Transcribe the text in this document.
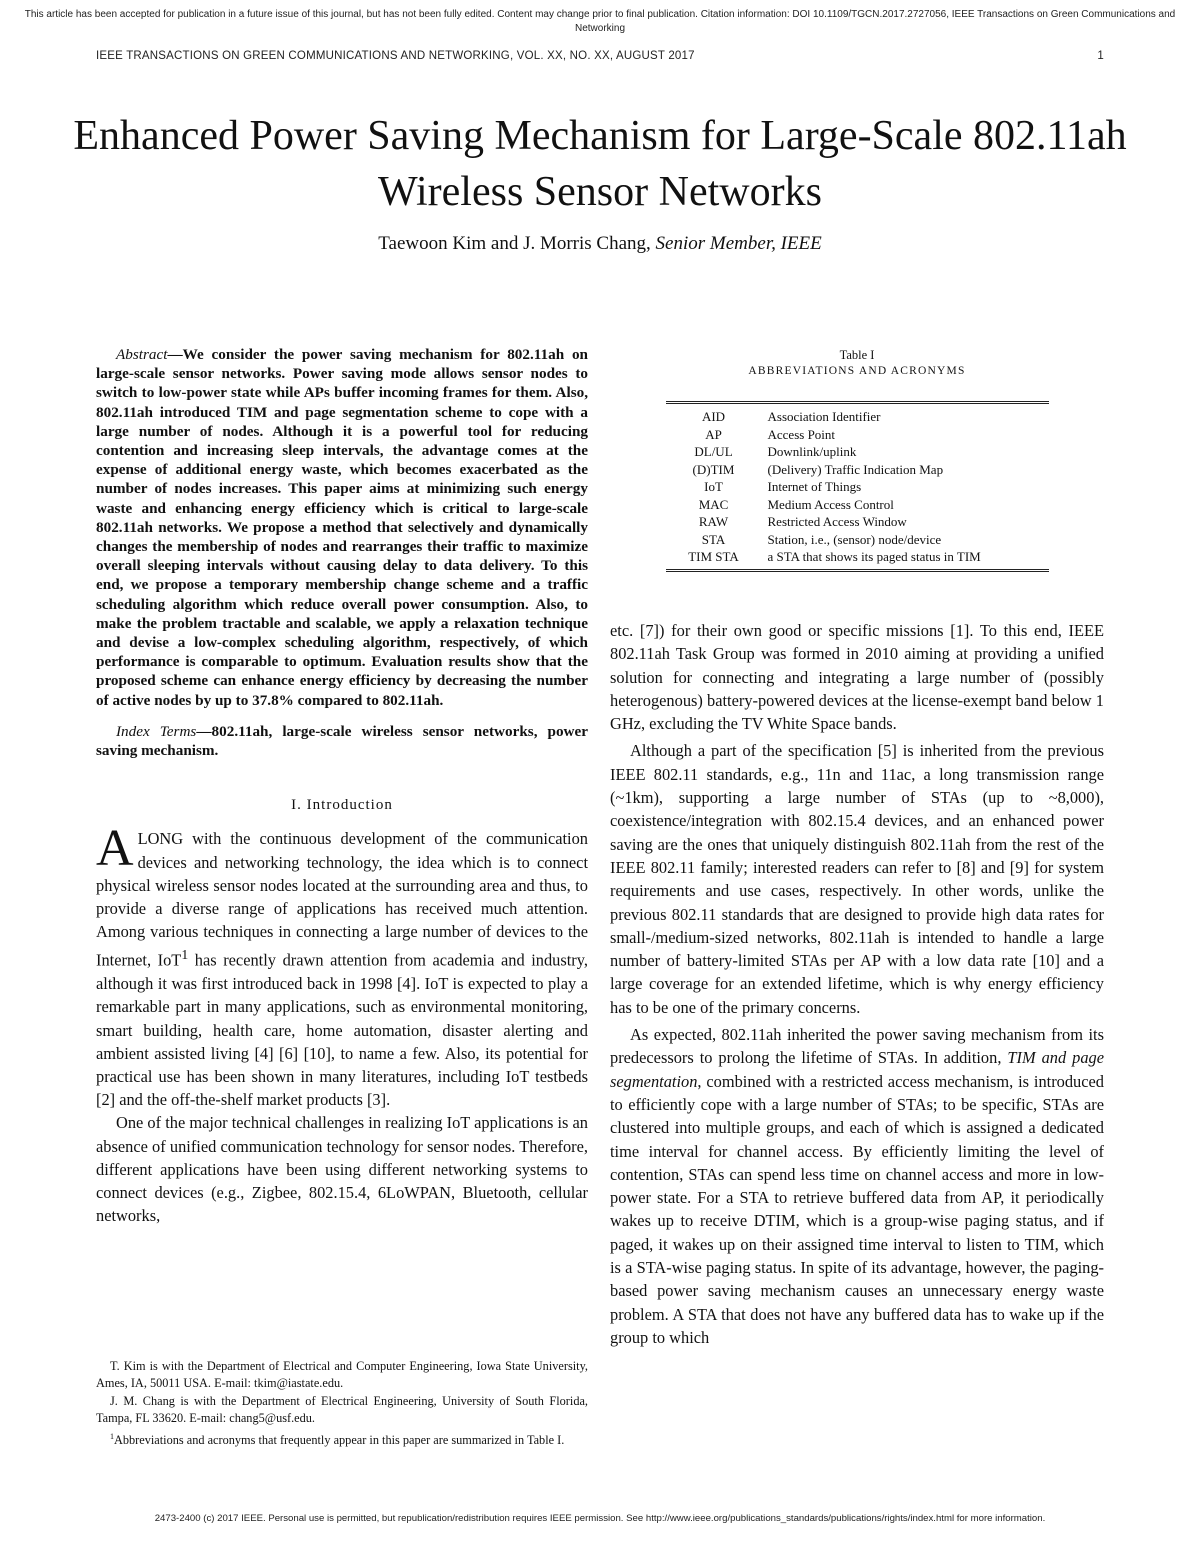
This article has been accepted for publication in a future issue of this journal, but has not been fully edited. Content may change prior to final publication. Citation information: DOI 10.1109/TGCN.2017.2727056, IEEE Transactions on Green Communications and Networking
IEEE TRANSACTIONS ON GREEN COMMUNICATIONS AND NETWORKING, VOL. XX, NO. XX, AUGUST 2017	1
Enhanced Power Saving Mechanism for Large-Scale 802.11ah Wireless Sensor Networks
Taewoon Kim and J. Morris Chang, Senior Member, IEEE

Abstract—We consider the power saving mechanism for 802.11ah on large-scale sensor networks. Power saving mode allows sensor nodes to switch to low-power state while APs buffer incoming frames for them. Also, 802.11ah introduced TIM and page segmentation scheme to cope with a large number of nodes. Although it is a powerful tool for reducing contention and increasing sleep intervals, the advantage comes at the expense of additional energy waste, which becomes exacerbated as the number of nodes increases. This paper aims at minimizing such energy waste and enhancing energy efficiency which is critical to large-scale 802.11ah networks. We propose a method that selectively and dynamically changes the membership of nodes and rearranges their traffic to maximize overall sleeping intervals without causing delay to data delivery. To this end, we propose a temporary membership change scheme and a traffic scheduling algorithm which reduce overall power consumption. Also, to make the problem tractable and scalable, we apply a relaxation technique and devise a low-complex scheduling algorithm, respectively, of which performance is comparable to optimum. Evaluation results show that the proposed scheme can enhance energy efficiency by decreasing the number of active nodes by up to 37.8% compared to 802.11ah.

Index Terms—802.11ah, large-scale wireless sensor networks, power saving mechanism.

I. Introduction

ALONG with the continuous development of the communication devices and networking technology, the idea which is to connect physical wireless sensor nodes located at the surrounding area and thus, to provide a diverse range of applications has received much attention. Among various techniques in connecting a large number of devices to the Internet, IoT$^1$ has recently drawn attention from academia and industry, although it was first introduced back in 1998 [4]. IoT is expected to play a remarkable part in many applications, such as environmental monitoring, smart building, health care, home automation, disaster alerting and ambient assisted living [4] [6] [10], to name a few. Also, its potential for practical use has been shown in many literatures, including IoT testbeds [2] and the off-the-shelf market products [3].

One of the major technical challenges in realizing IoT applications is an absence of unified communication technology for sensor nodes. Therefore, different applications have been using different networking systems to connect devices (e.g., Zigbee, 802.15.4, 6LoWPAN, Bluetooth, cellular networks,

T. Kim is with the Department of Electrical and Computer Engineering, Iowa State University, Ames, IA, 50011 USA. E-mail: tkim@iastate.edu.

J. M. Chang is with the Department of Electrical Engineering, University of South Florida, Tampa, FL 33620. E-mail: chang5@usf.edu.

$^1$Abbreviations and acronyms that frequently appear in this paper are summarized in Table I.

Table I
ABBREVIATIONS AND ACRONYMS
AID	Association Identifier
AP	Access Point
DL/UL	Downlink/uplink
(D)TIM	(Delivery) Traffic Indication Map
IoT	Internet of Things
MAC	Medium Access Control
RAW	Restricted Access Window
STA	Station, i.e., (sensor) node/device
TIM STA	a STA that shows its paged status in TIM

etc. [7]) for their own good or specific missions [1]. To this end, IEEE 802.11ah Task Group was formed in 2010 aiming at providing a unified solution for connecting and integrating a large number of (possibly heterogenous) battery-powered devices at the license-exempt band below 1 GHz, excluding the TV White Space bands.

Although a part of the specification [5] is inherited from the previous IEEE 802.11 standards, e.g., 11n and 11ac, a long transmission range (~1km), supporting a large number of STAs (up to ~8,000), coexistence/integration with 802.15.4 devices, and an enhanced power saving are the ones that uniquely distinguish 802.11ah from the rest of the IEEE 802.11 family; interested readers can refer to [8] and [9] for system requirements and use cases, respectively. In other words, unlike the previous 802.11 standards that are designed to provide high data rates for small-/medium-sized networks, 802.11ah is intended to handle a large number of battery-limited STAs per AP with a low data rate [10] and a large coverage for an extended lifetime, which is why energy efficiency has to be one of the primary concerns.

As expected, 802.11ah inherited the power saving mechanism from its predecessors to prolong the lifetime of STAs. In addition, TIM and page segmentation, combined with a restricted access mechanism, is introduced to efficiently cope with a large number of STAs; to be specific, STAs are clustered into multiple groups, and each of which is assigned a dedicated time interval for channel access. By efficiently limiting the level of contention, STAs can spend less time on channel access and more in low-power state. For a STA to retrieve buffered data from AP, it periodically wakes up to receive DTIM, which is a group-wise paging status, and if paged, it wakes up on their assigned time interval to listen to TIM, which is a STA-wise paging status. In spite of its advantage, however, the paging-based power saving mechanism causes an unnecessary energy waste problem. A STA that does not have any buffered data has to wake up if the group to which

2473-2400 (c) 2017 IEEE. Personal use is permitted, but republication/redistribution requires IEEE permission. See http://www.ieee.org/publications_standards/publications/rights/index.html for more information.
